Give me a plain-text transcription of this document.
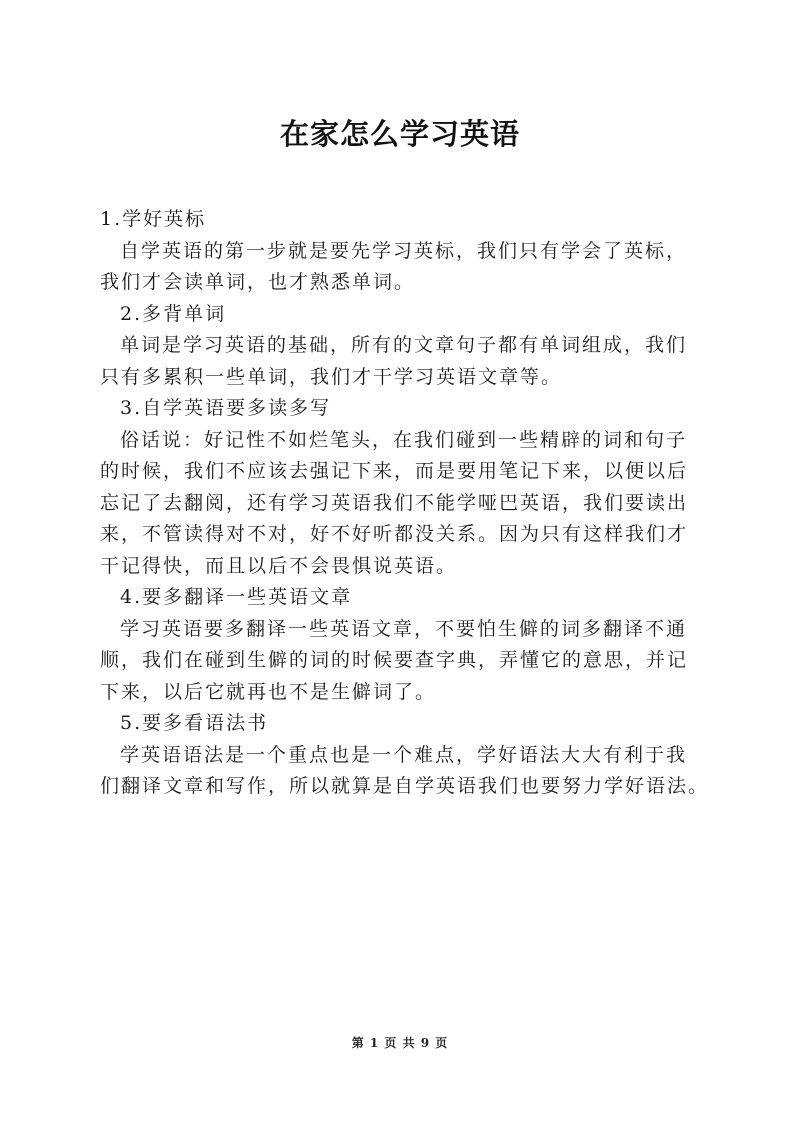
在家怎么学习英语
1.学好英标
自学英语的第一步就是要先学习英标，我们只有学会了英标，
我们才会读单词，也才熟悉单词。
2.多背单词
单词是学习英语的基础，所有的文章句子都有单词组成，我们
只有多累积一些单词，我们才干学习英语文章等。
3.自学英语要多读多写
俗话说：好记性不如烂笔头，在我们碰到一些精辟的词和句子
的时候，我们不应该去强记下来，而是要用笔记下来，以便以后
忘记了去翻阅，还有学习英语我们不能学哑巴英语，我们要读出
来，不管读得对不对，好不好听都没关系。因为只有这样我们才
干记得快，而且以后不会畏惧说英语。
4.要多翻译一些英语文章
学习英语要多翻译一些英语文章，不要怕生僻的词多翻译不通
顺，我们在碰到生僻的词的时候要查字典，弄懂它的意思，并记
下来，以后它就再也不是生僻词了。
5.要多看语法书
学英语语法是一个重点也是一个难点，学好语法大大有利于我
们翻译文章和写作，所以就算是自学英语我们也要努力学好语法。
第 1 页 共 9 页
